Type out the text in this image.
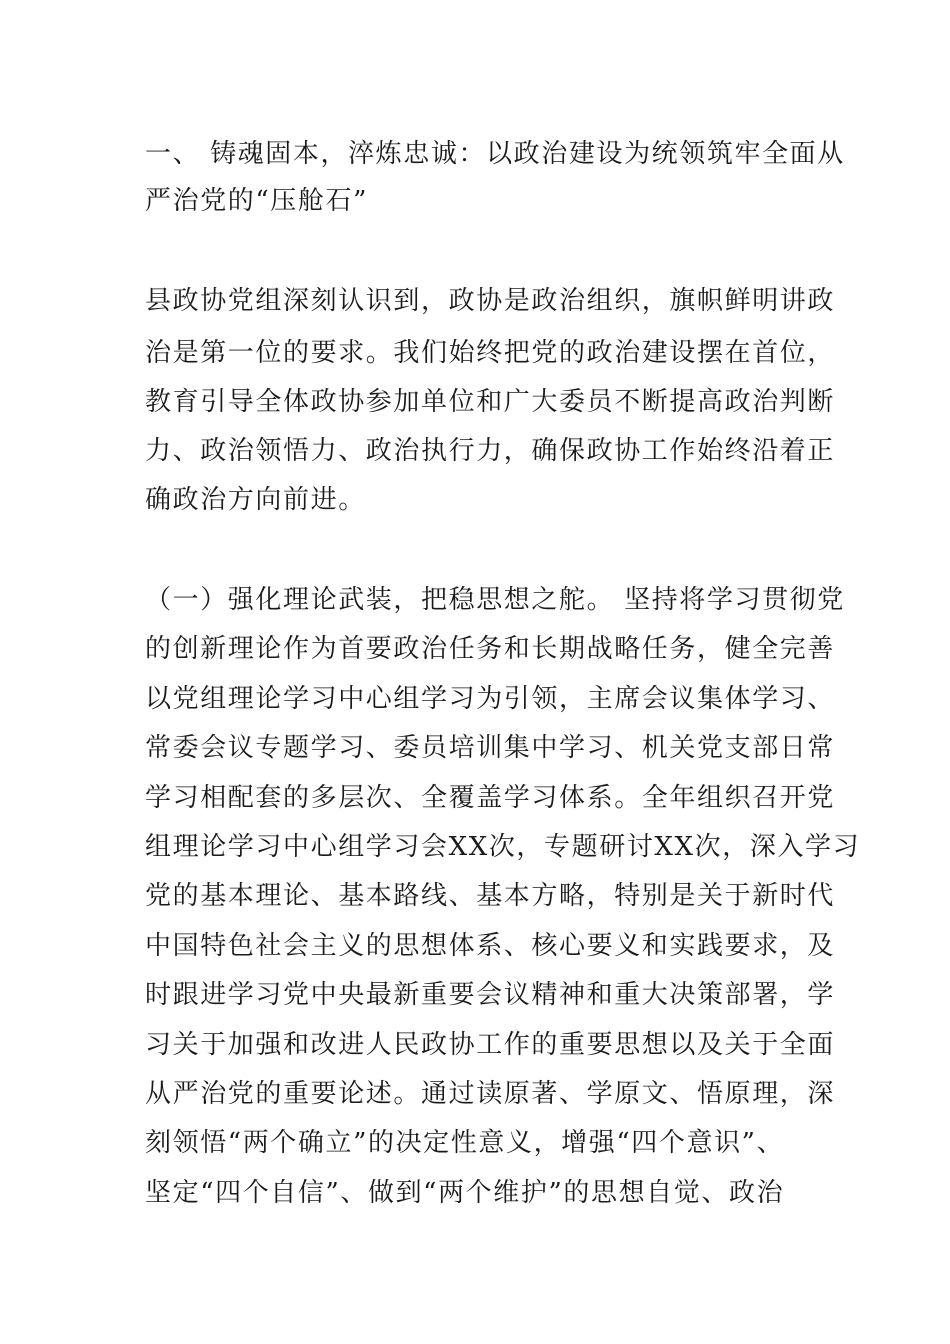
一、 铸魂固本，淬炼忠诚：以政治建设为统领筑牢全面从
严治党的“压舱石”
县政协党组深刻认识到，政协是政治组织，旗帜鲜明讲政
治是第一位的要求。我们始终把党的政治建设摆在首位，
教育引导全体政协参加单位和广大委员不断提高政治判断
力、政治领悟力、政治执行力，确保政协工作始终沿着正
确政治方向前进。
（一）强化理论武装，把稳思想之舵。 坚持将学习贯彻党
的创新理论作为首要政治任务和长期战略任务，健全完善
以党组理论学习中心组学习为引领，主席会议集体学习、
常委会议专题学习、委员培训集中学习、机关党支部日常
学习相配套的多层次、全覆盖学习体系。全年组织召开党
组理论学习中心组学习会XX次，专题研讨XX次，深入学习
党的基本理论、基本路线、基本方略，特别是关于新时代
中国特色社会主义的思想体系、核心要义和实践要求，及
时跟进学习党中央最新重要会议精神和重大决策部署，学
习关于加强和改进人民政协工作的重要思想以及关于全面
从严治党的重要论述。通过读原著、学原文、悟原理，深
刻领悟“两个确立”的决定性意义，增强“四个意识”、
坚定“四个自信”、做到“两个维护”的思想自觉、政治
